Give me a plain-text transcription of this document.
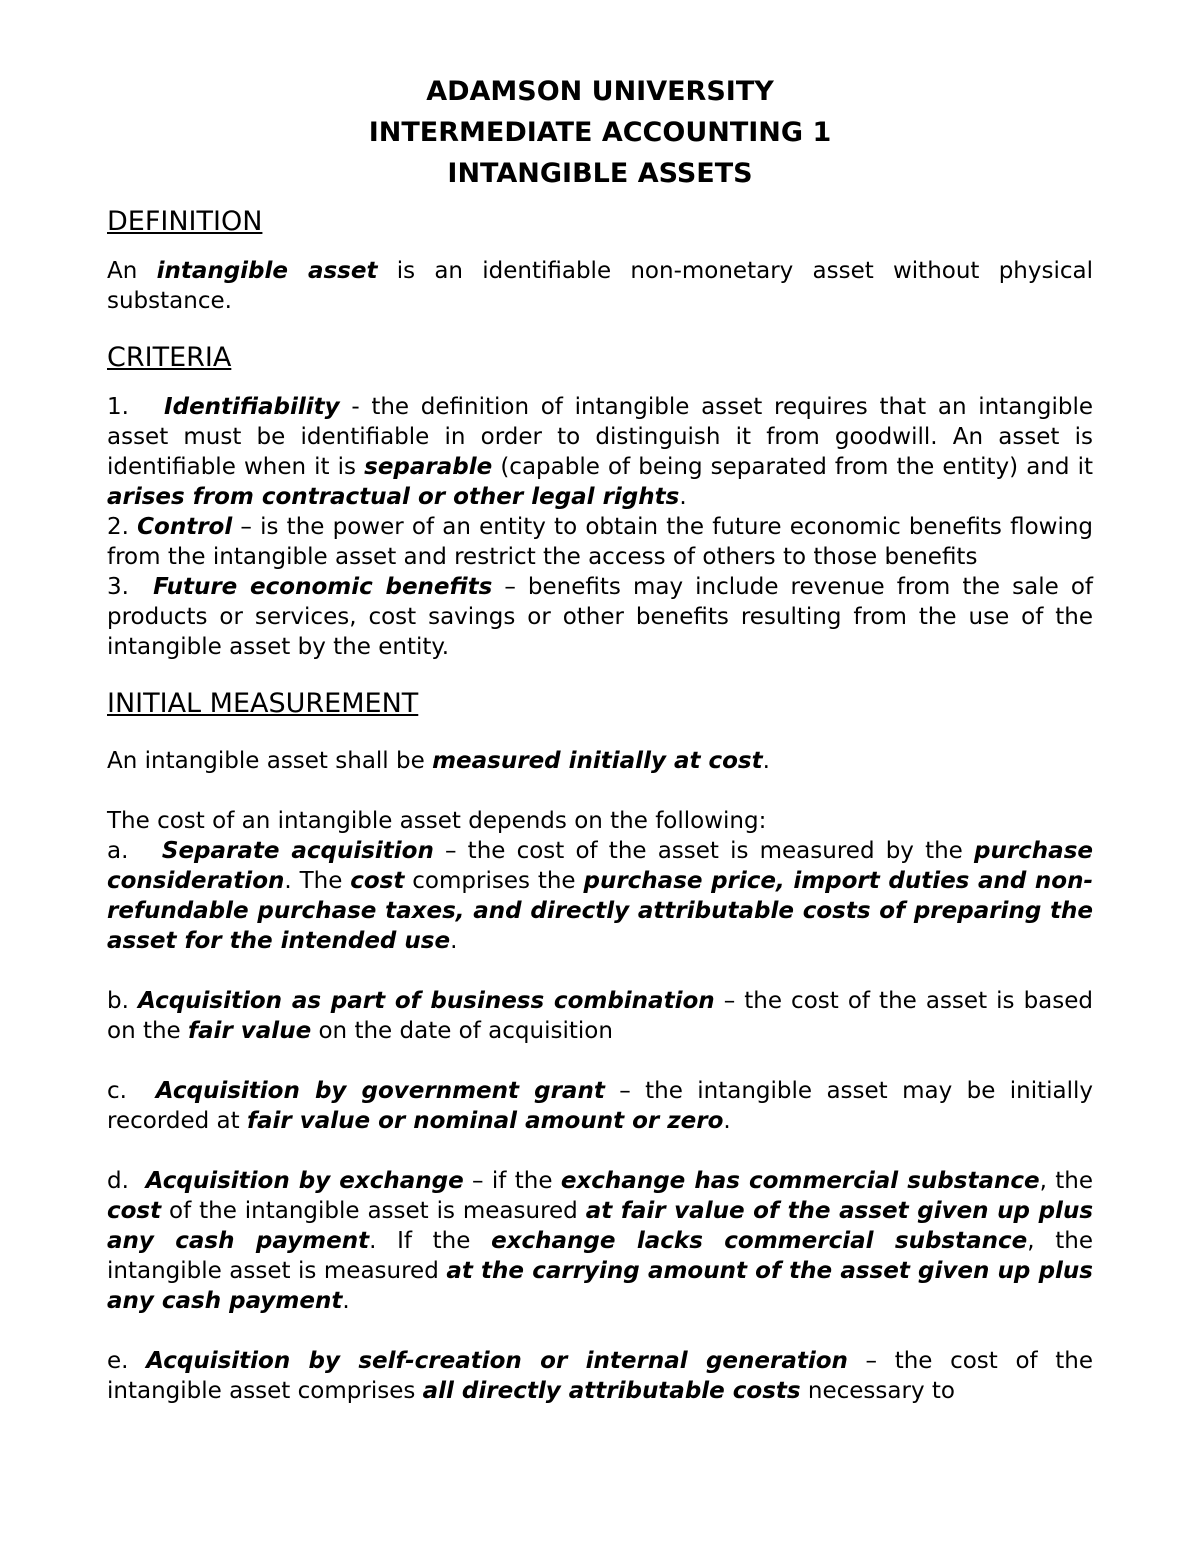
ADAMSON UNIVERSITY
INTERMEDIATE ACCOUNTING 1
INTANGIBLE ASSETS
DEFINITION

An intangible asset is an identifiable non-monetary asset without physical substance.

CRITERIA

1. Identifiability - the definition of intangible asset requires that an intangible asset must be identifiable in order to distinguish it from goodwill. An asset is identifiable when it is separable (capable of being separated from the entity) and it arises from contractual or other legal rights.

2. Control – is the power of an entity to obtain the future economic benefits flowing from the intangible asset and restrict the access of others to those benefits

3. Future economic benefits – benefits may include revenue from the sale of products or services, cost savings or other benefits resulting from the use of the intangible asset by the entity.

INITIAL MEASUREMENT

An intangible asset shall be measured initially at cost.

The cost of an intangible asset depends on the following:

a. Separate acquisition – the cost of the asset is measured by the purchase consideration. The cost comprises the purchase price, import duties and non-refundable purchase taxes, and directly attributable costs of preparing the asset for the intended use.

b. Acquisition as part of business combination – the cost of the asset is based on the fair value on the date of acquisition

c. Acquisition by government grant – the intangible asset may be initially recorded at fair value or nominal amount or zero.

d. Acquisition by exchange – if the exchange has commercial substance, the cost of the intangible asset is measured at fair value of the asset given up plus any cash payment. If the exchange lacks commercial substance, the intangible asset is measured at the carrying amount of the asset given up plus any cash payment.

e. Acquisition by self-creation or internal generation – the cost of the intangible asset comprises all directly attributable costs necessary to
